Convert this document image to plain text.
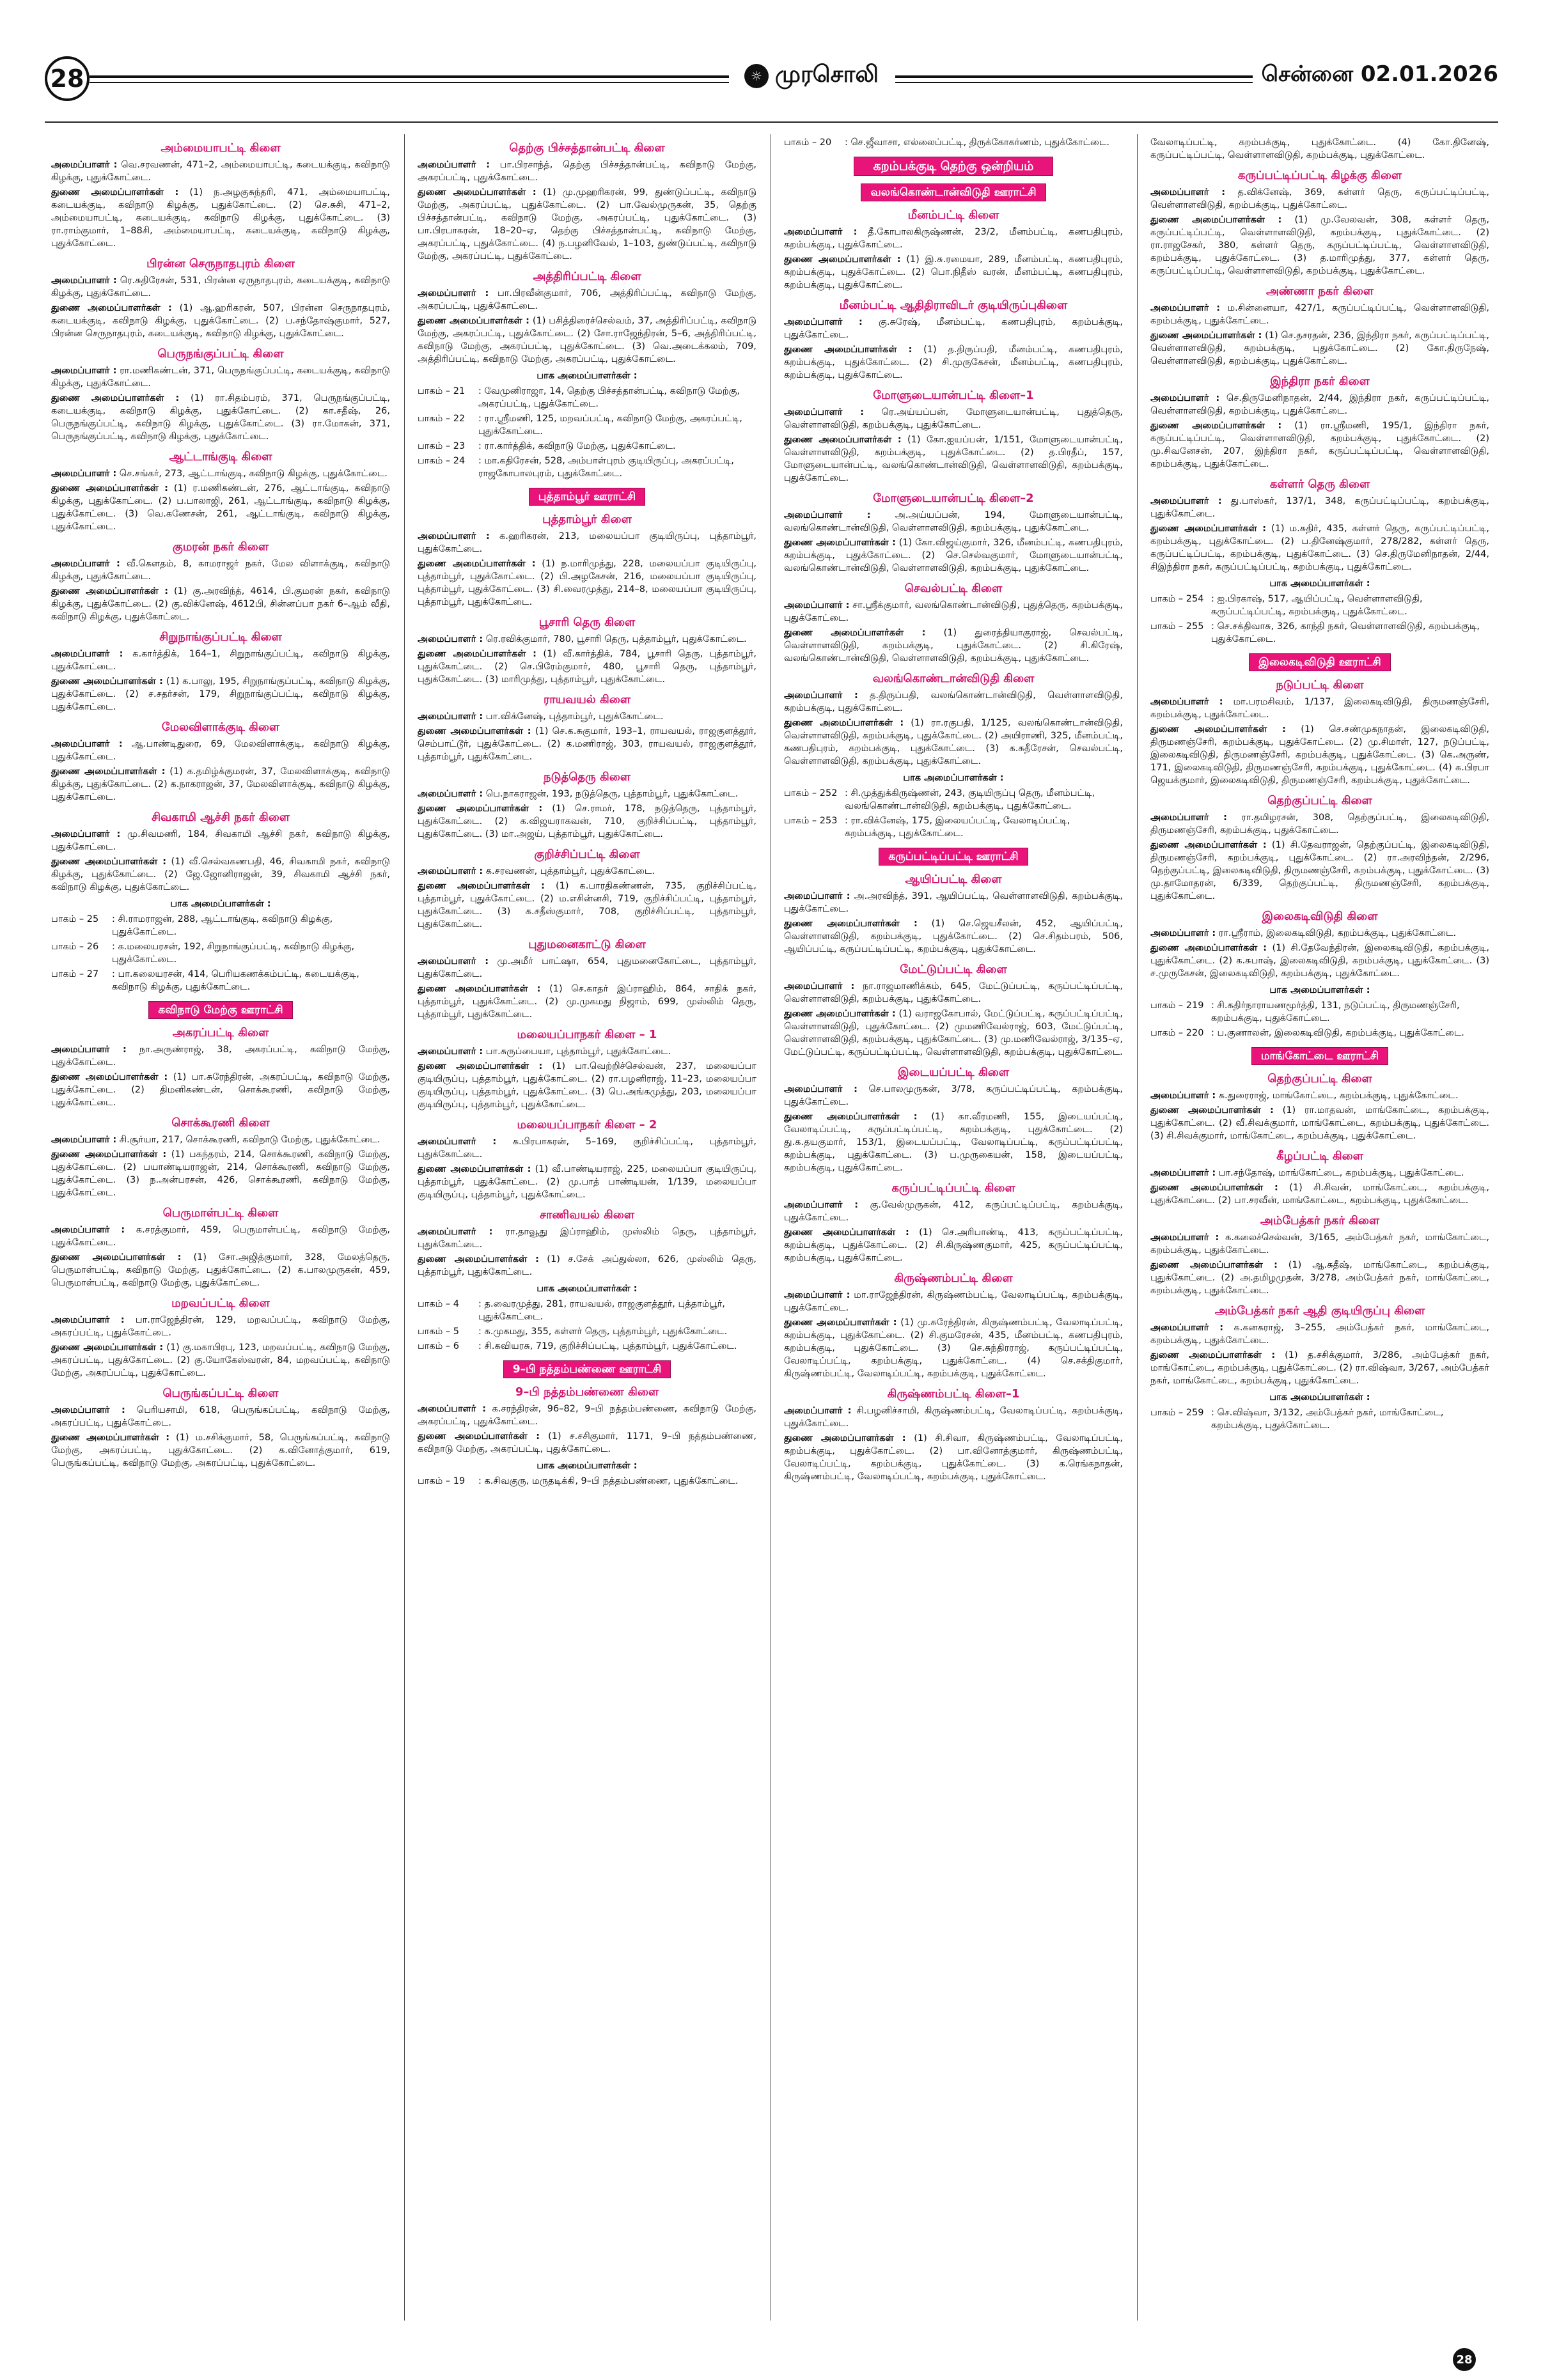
28	☼ முரசொலி	சென்னை 02.01.2026
அம்மையாபட்டி கிளை
அமைப்பாளர் : வெ.சரவணன், 471–2, அம்மையாபட்டி, கடையக்குடி, கவிநாடு கிழக்கு, புதுக்கோட்டை.
துணை அமைப்பாளர்கள் : (1) ந.அழகுசுந்தரி, 471, அம்மையாபட்டி, கடையக்குடி, கவிநாடு கிழக்கு, புதுக்கோட்டை. (2) செ.சுசி, 471–2, அம்மையாபட்டி, கடையக்குடி, கவிநாடு கிழக்கு, புதுக்கோட்டை. (3) ரா.ராம்குமார், 1–88சி, அம்மையாபட்டி, கடையக்குடி, கவிநாடு கிழக்கு, புதுக்கோட்டை.
பிரன்ன செருநாதபுரம் கிளை
அமைப்பாளர் : ரெ.சுதிரேசன், 531, பிரன்ன ஏருநாதபுரம், கடையக்குடி, கவிநாடு கிழக்கு, புதுக்கோட்டை.
துணை அமைப்பாளர்கள் : (1) ஆ.ஹரிகரன், 507, பிரன்ன செருநாதபுரம், கடையக்குடி, கவிநாடு கிழக்கு, புதுக்கோட்டை. (2) ப.சந்தோஷ்குமார், 527, பிரன்ன செருநாதபுரம், கடையக்குடி, கவிநாடு கிழக்கு, புதுக்கோட்டை.
பெருநங்குப்பட்டி கிளை
அமைப்பாளர் : ரா.மணிகண்டன், 371, பெருநங்குப்பட்டி, கடையக்குடி, கவிநாடு கிழக்கு, புதுக்கோட்டை.
துணை அமைப்பாளர்கள் : (1) ரா.சிதம்பரம், 371, பெருநங்குப்பட்டி, கடையக்குடி, கவிநாடு கிழக்கு, புதுக்கோட்டை. (2) கா.சதீஷ், 26, பெருநங்குப்பட்டி, கவிநாடு கிழக்கு, புதுக்கோட்டை. (3) ரா.மோகன், 371, பெருநங்குப்பட்டி, கவிநாடு கிழக்கு, புதுக்கோட்டை.
ஆட்டாங்குடி கிளை
அமைப்பாளர் : செ.சங்கர், 273, ஆட்டாங்குடி, கவிநாடு கிழக்கு, புதுக்கோட்டை.
துணை அமைப்பாளர்கள் : (1) ர.மணிகண்டன், 276, ஆட்டாங்குடி, கவிநாடு கிழக்கு, புதுக்கோட்டை. (2) ப.பாலாஜி, 261, ஆட்டாங்குடி, கவிநாடு கிழக்கு, புதுக்கோட்டை. (3) வெ.கணேசன், 261, ஆட்டாங்குடி, கவிநாடு கிழக்கு, புதுக்கோட்டை.
குமரன் நகர் கிளை
அமைப்பாளர் : வீ.கௌதம், 8, காமராஜர் நகர், மேல விளாக்குடி, கவிநாடு கிழக்கு, புதுக்கோட்டை.
துணை அமைப்பாளர்கள் : (1) கு.அரவிந்த், 4614, பி.குமரன் நகர், கவிநாடு கிழக்கு, புதுக்கோட்டை. (2) கு.விக்னேஷ், 4612பி, சின்னப்பா நகர் 6–ஆம் வீதி, கவிநாடு கிழக்கு, புதுக்கோட்டை.
சிறுநாங்குப்பட்டி கிளை
அமைப்பாளர் : க.கார்த்திக், 164–1, சிறுநாங்குப்பட்டி, கவிநாடு கிழக்கு, புதுக்கோட்டை.
துணை அமைப்பாளர்கள் : (1) க.பாலு, 195, சிறுநாங்குப்பட்டி, கவிநாடு கிழக்கு, புதுக்கோட்டை. (2) ச.சதர்சன், 179, சிறுநாங்குப்பட்டி, கவிநாடு கிழக்கு, புதுக்கோட்டை.
மேலவிளாக்குடி கிளை
அமைப்பாளர் : ஆ.பாண்டிதுரை, 69, மேலவிளாக்குடி, கவிநாடு கிழக்கு, புதுக்கோட்டை.
துணை அமைப்பாளர்கள் : (1) க.தமிழ்க்குமரன், 37, மேலவிளாக்குடி, கவிநாடு கிழக்கு, புதுக்கோட்டை. (2) க.நாகராஜன், 37, மேலவிளாக்குடி, கவிநாடு கிழக்கு, புதுக்கோட்டை.
சிவகாமி ஆச்சி நகர் கிளை
அமைப்பாளர் : மு.சிவமணி, 184, சிவகாமி ஆச்சி நகர், கவிநாடு கிழக்கு, புதுக்கோட்டை.
துணை அமைப்பாளர்கள் : (1) வீ.செல்வகணபதி, 46, சிவகாமி நகர், கவிநாடு கிழக்கு, புதுக்கோட்டை. (2) ஜே.ஜோனிராஜன், 39, சிவகாமி ஆச்சி நகர், கவிநாடு கிழக்கு, புதுக்கோட்டை.
பாக அமைப்பாளர்கள் :
பாகம் – 25	: சி.ராமராஜன், 288, ஆட்டாங்குடி, கவிநாடு கிழக்கு, புதுக்கோட்டை.
பாகம் – 26	: க.மலையரசன், 192, சிறுநாங்குப்பட்டி, கவிநாடு கிழக்கு, புதுக்கோட்டை.
பாகம் – 27	: பா.கலையரசன், 414, பெரியகணக்கம்பட்டி, கடையக்குடி, கவிநாடு கிழக்கு, புதுக்கோட்டை.
கவிநாடு மேற்கு ஊராட்சி
அகரப்பட்டி கிளை
அமைப்பாளர் : நா.அருண்ராஜ், 38, அகரப்பட்டி, கவிநாடு மேற்கு, புதுக்கோட்டை.
துணை அமைப்பாளர்கள் : (1) பா.சுரேந்திரன், அகரப்பட்டி, கவிநாடு மேற்கு, புதுக்கோட்டை. (2) திமனிகண்டன், சொக்கூரணி, கவிநாடு மேற்கு, புதுக்கோட்டை.
சொக்கூரணி கிளை
அமைப்பாளர் : சி.சூர்யா, 217, சொக்கூரணி, கவிநாடு மேற்கு, புதுக்கோட்டை.
துணை அமைப்பாளர்கள் : (1) பகந்தரம், 214, சொக்கூரணி, கவிநாடு மேற்கு, புதுக்கோட்டை. (2) பயாண்டியராஜன், 214, சொக்கூரணி, கவிநாடு மேற்கு, புதுக்கோட்டை. (3) ந.அன்பரசன், 426, சொக்கூரணி, கவிநாடு மேற்கு, புதுக்கோட்டை.
பெருமாள்பட்டி கிளை
அமைப்பாளர் : க.சரத்குமார், 459, பெருமாள்பட்டி, கவிநாடு மேற்கு, புதுக்கோட்டை.
துணை அமைப்பாளர்கள் : (1) சோ.அஜித்குமார், 328, மேலத்தெரு, பெருமாள்பட்டி, கவிநாடு மேற்கு, புதுக்கோட்டை. (2) க.பாலமுருகன், 459, பெருமாள்பட்டி, கவிநாடு மேற்கு, புதுக்கோட்டை.
மறவப்பட்டி கிளை
அமைப்பாளர் : பா.ராஜேந்திரன், 129, மறவப்பட்டி, கவிநாடு மேற்கு, அகரப்பட்டி, புதுக்கோட்டை.
துணை அமைப்பாளர்கள் : (1) கு.மகாபிரபு, 123, மறவப்பட்டி, கவிநாடு மேற்கு, அகரப்பட்டி, புதுக்கோட்டை. (2) கு.யோகேஸ்வரன், 84, மறவப்பட்டி, கவிநாடு மேற்கு, அகரப்பட்டி, புதுக்கோட்டை.
பெருங்கப்பட்டி கிளை
அமைப்பாளர் : பெரியசாமி, 618, பெருங்கப்பட்டி, கவிநாடு மேற்கு, அகரப்பட்டி, புதுக்கோட்டை.
துணை அமைப்பாளர்கள் : (1) ம.சசிக்குமார், 58, பெருங்கப்பட்டி, கவிநாடு மேற்கு, அகரப்பட்டி, புதுக்கோட்டை. (2) க.வினோத்குமார், 619, பெருங்கப்பட்டி, கவிநாடு மேற்கு, அகரப்பட்டி, புதுக்கோட்டை.
தெற்கு பிச்சத்தான்பட்டி கிளை
அமைப்பாளர் : பா.பிரசாந்த், தெற்கு பிச்சத்தான்பட்டி, கவிநாடு மேற்கு, அகரப்பட்டி, புதுக்கோட்டை.
துணை அமைப்பாளர்கள் : (1) மு.முஹரிகரன், 99, துண்டுப்பட்டி, கவிநாடு மேற்கு, அகரப்பட்டி, புதுக்கோட்டை. (2) பா.வேல்முருகன், 35, தெற்கு பிச்சத்தான்பட்டி, கவிநாடு மேற்கு, அகரப்பட்டி, புதுக்கோட்டை. (3) பா.பிரபாகரன், 18–20–ஏ, தெற்கு பிச்சத்தான்பட்டி, கவிநாடு மேற்கு, அகரப்பட்டி, புதுக்கோட்டை. (4) ந.பழனிவேல், 1–103, துண்டுப்பட்டி, கவிநாடு மேற்கு, அகரப்பட்டி, புதுக்கோட்டை.
அத்திரிப்பட்டி கிளை
அமைப்பாளர் : பா.பிரவீன்குமார், 706, அத்திரிப்பட்டி, கவிநாடு மேற்கு, அகரப்பட்டி, புதுக்கோட்டை.
துணை அமைப்பாளர்கள் : (1) பசித்திரைச்செல்வம், 37, அத்திரிப்பட்டி, கவிநாடு மேற்கு, அகரப்பட்டி, புதுக்கோட்டை. (2) சோ.ராஜேந்திரன், 5–6, அத்திரிப்பட்டி, கவிநாடு மேற்கு, அகரப்பட்டி, புதுக்கோட்டை. (3) வெ.அடைக்கலம், 709, அத்திரிப்பட்டி, கவிநாடு மேற்கு, அகரப்பட்டி, புதுக்கோட்டை.
பாக அமைப்பாளர்கள் :
பாகம் – 21	: வேமுனிராஜா, 14, தெற்கு பிச்சத்தான்பட்டி, கவிநாடு மேற்கு, அகரப்பட்டி, புதுக்கோட்டை.
பாகம் – 22	: ரா.ஸ்ரீமணி, 125, மறவப்பட்டி, கவிநாடு மேற்கு, அகரப்பட்டி, புதுக்கோட்டை.
பாகம் – 23	: ரா.கார்த்திக், கவிநாடு மேற்கு, புதுக்கோட்டை.
பாகம் – 24	: மா.கதிரேசன், 528, அம்பாள்புரம் குடியிருப்பு, அகரப்பட்டி, ராஜகோபாலபுரம், புதுக்கோட்டை.
புத்தாம்பூர் ஊராட்சி
புத்தாம்பூர் கிளை
அமைப்பாளர் : க.ஹரிகரன், 213, மலையப்பா குடியிருப்பு, புத்தாம்பூர், புதுக்கோட்டை.
துணை அமைப்பாளர்கள் : (1) ந.மாரிமுத்து, 228, மலையப்பா குடியிருப்பு, புத்தாம்பூர், புதுக்கோட்டை. (2) பி.அழகேசன், 216, மலையப்பா குடியிருப்பு, புத்தாம்பூர், புதுக்கோட்டை. (3) சி.வைரமுத்து, 214–8, மலையப்பா குடியிருப்பு, புத்தாம்பூர், புதுக்கோட்டை.
பூசாரி தெரு கிளை
அமைப்பாளர் : ரெ.ரவிக்குமார், 780, பூசாரி தெரு, புத்தாம்பூர், புதுக்கோட்டை.
துணை அமைப்பாளர்கள் : (1) வீ.கார்த்திக், 784, பூசாரி தெரு, புத்தாம்பூர், புதுக்கோட்டை. (2) செ.பிரேம்குமார், 480, பூசாரி தெரு, புத்தாம்பூர், புதுக்கோட்டை. (3) மாரிமுத்து, புத்தாம்பூர், புதுக்கோட்டை.
ராயவயல் கிளை
அமைப்பாளர் : பா.விக்னேஷ், புத்தாம்பூர், புதுக்கோட்டை.
துணை அமைப்பாளர்கள் : (1) செ.க.சுகுமார், 193–1, ராயவயல், ராஜகுளத்தூர், செம்பாட்டூர், புதுக்கோட்டை. (2) க.மணிராஜ், 303, ராயவயல், ராஜகுளத்தூர், புத்தாம்பூர், புதுக்கோட்டை.
நடுத்தெரு கிளை
அமைப்பாளர் : பெ.நாகராஜன், 193, நடுத்தெரு, புத்தாம்பூர், புதுக்கோட்டை.
துணை அமைப்பாளர்கள் : (1) செ.ராமர், 178, நடுத்தெரு, புத்தாம்பூர், புதுக்கோட்டை. (2) க.விஜயராகவன், 710, குறிச்சிப்பட்டி, புத்தாம்பூர், புதுக்கோட்டை. (3) மா.அஜய், புத்தாம்பூர், புதுக்கோட்டை.
குறிச்சிப்பட்டி கிளை
அமைப்பாளர் : க.சரவணன், புத்தாம்பூர், புதுக்கோட்டை.
துணை அமைப்பாளர்கள் : (1) க.பாரதிகண்ணன், 735, குறிச்சிப்பட்டி, புத்தாம்பூர், புதுக்கோட்டை. (2) ம.எசின்னசி, 719, குறிச்சிப்பட்டி, புத்தாம்பூர், புதுக்கோட்டை. (3) க.சதீஸ்குமார், 708, குறிச்சிப்பட்டி, புத்தாம்பூர், புதுக்கோட்டை.
புதுமனைகாட்டு கிளை
அமைப்பாளர் : மு.அமீர் பாட்ஷா, 654, புதுமனைகோட்டை, புத்தாம்பூர், புதுக்கோட்டை.
துணை அமைப்பாளர்கள் : (1) செ.காதர் இப்ராஹிம், 864, சாதிக் நகர், புத்தாம்பூர், புதுக்கோட்டை. (2) மு.முகமது நிஜாம், 699, முஸ்லிம் தெரு, புத்தாம்பூர், புதுக்கோட்டை.
மலையப்பாநகர் கிளை – 1
அமைப்பாளர் : பா.சுருப்பையா, புத்தாம்பூர், புதுக்கோட்டை.
துணை அமைப்பாளர்கள் : (1) பா.வெற்றிச்செல்வன், 237, மலையப்பா குடியிருப்பு, புத்தாம்பூர், புதுக்கோட்டை. (2) ரா.பழனிராஜ், 11–23, மலையப்பா குடியிருப்பு, புத்தாம்பூர், புதுக்கோட்டை. (3) பெ.அங்கமுத்து, 203, மலையப்பா குடியிருப்பு, புத்தாம்பூர், புதுக்கோட்டை.
மலையப்பாநகர் கிளை – 2
அமைப்பாளர் : க.பிரபாகரன், 5–169, குறிச்சிப்பட்டி, புத்தாம்பூர், புதுக்கோட்டை.
துணை அமைப்பாளர்கள் : (1) வீ.பாண்டியராஜ், 225, மலையப்பா குடியிருப்பு, புத்தாம்பூர், புதுக்கோட்டை. (2) மு.பாத் பாண்டியன், 1/139, மலையப்பா குடியிருப்பு, புத்தாம்பூர், புதுக்கோட்டை.
சாணிவயல் கிளை
அமைப்பாளர் : ரா.தாவூது இப்ராஹிம், முஸ்லிம் தெரு, புத்தாம்பூர், புதுக்கோட்டை.
துணை அமைப்பாளர்கள் : (1) ச.சேக் அப்துல்லா, 626, முஸ்லிம் தெரு, புத்தாம்பூர், புதுக்கோட்டை.
பாக அமைப்பாளர்கள் :
பாகம் – 4	: த.வைரமுத்து, 281, ராயவயல், ராஜகுளத்தூர், புத்தாம்பூர், புதுக்கோட்டை.
பாகம் – 5	: க.முகமது, 355, கள்ளர் தெரு, புத்தாம்பூர், புதுக்கோட்டை.
பாகம் – 6	: சி.கவியரசு, 719, குறிச்சிப்பட்டி, புத்தாம்பூர், புதுக்கோட்டை.
9–பி நத்தம்பண்ணை ஊராட்சி
9–பி நத்தம்பண்ணை கிளை
அமைப்பாளர் : க.சரந்திரன், 96–82, 9–பி நத்தம்பண்ணை, கவிநாடு மேற்கு, அகரப்பட்டி, புதுக்கோட்டை.
துணை அமைப்பாளர்கள் : (1) ச.சசிகுமார், 1171, 9–பி நத்தம்பண்ணை, கவிநாடு மேற்கு, அகரப்பட்டி, புதுக்கோட்டை.
பாக அமைப்பாளர்கள் :
பாகம் – 19	: க.சிவகுரு, மருதடிக்கி, 9–பி நத்தம்பண்ணை, புதுக்கோட்டை.
பாகம் – 20	: செ.ஜீவாசா, எல்லைப்பட்டி, திருக்கோகர்ணம், புதுக்கோட்டை.
கறம்பக்குடி தெற்கு ஒன்றியம்
வலங்கொண்டான்விடுதி ஊராட்சி
மீனம்பட்டி கிளை
அமைப்பாளர் : தீ.கோபாலகிருஷ்ணன், 23/2, மீனம்பட்டி, கணபதிபுரம், கறம்பக்குடி, புதுக்கோட்டை.
துணை அமைப்பாளர்கள் : (1) இ.சு.ரமையா, 289, மீனம்பட்டி, கணபதிபுரம், கறம்பக்குடி, புதுக்கோட்டை. (2) பொ.நிதீஸ் வரன், மீனம்பட்டி, கணபதிபுரம், கறம்பக்குடி, புதுக்கோட்டை.
மீனம்பட்டி ஆதிதிராவிடர் குடியிருப்புகிளை
அமைப்பாளர் : கு.சுரேஷ், மீனம்பட்டி, கணபதிபுரம், கறம்பக்குடி, புதுக்கோட்டை.
துணை அமைப்பாளர்கள் : (1) த.திருப்பதி, மீனம்பட்டி, கணபதிபுரம், கறம்பக்குடி, புதுக்கோட்டை. (2) சி.முருகேசன், மீனம்பட்டி, கணபதிபுரம், கறம்பக்குடி, புதுக்கோட்டை.
மோளுடையான்பட்டி கிளை–1
அமைப்பாளர் : ரெ.அய்யப்பன், மோளுடையான்பட்டி, புதுத்தெரு, வெள்ளாளவிடுதி, கறம்பக்குடி, புதுக்கோட்டை.
துணை அமைப்பாளர்கள் : (1) கோ.ஐயப்பன், 1/151, மோளுடையான்பட்டி, வெள்ளாளவிடுதி, கறம்பக்குடி, புதுக்கோட்டை. (2) த.பிரதீப், 157, மோளுடையான்பட்டி, வலங்கொண்டான்விடுதி, வெள்ளாளவிடுதி, கறம்பக்குடி, புதுக்கோட்டை.
மோளுடையான்பட்டி கிளை–2
அமைப்பாளர் : அ.அய்யப்பன், 194, மோளுடையான்பட்டி, வலங்கொண்டான்விடுதி, வெள்ளாளவிடுதி, கறம்பக்குடி, புதுக்கோட்டை.
துணை அமைப்பாளர்கள் : (1) கோ.விஜய்குமார், 326, மீனம்பட்டி, கணபதிபுரம், கறம்பக்குடி, புதுக்கோட்டை. (2) செ.செல்வகுமார், மோளுடையான்பட்டி, வலங்கொண்டான்விடுதி, வெள்ளாளவிடுதி, கறம்பக்குடி, புதுக்கோட்டை.
செவல்பட்டி கிளை
அமைப்பாளர் : சா.ஸ்ரீக்குமார், வலங்கொண்டான்விடுதி, புதுத்தெரு, கறம்பக்குடி, புதுக்கோட்டை.
துணை அமைப்பாளர்கள் : (1) துரைத்தியாகுராஜ், செவல்பட்டி, வெள்ளாளவிடுதி, கறம்பக்குடி, புதுக்கோட்டை. (2) சி.கிரேஷ், வலங்கொண்டான்விடுதி, வெள்ளாளவிடுதி, கறம்பக்குடி, புதுக்கோட்டை.
வலங்கொண்டான்விடுதி கிளை
அமைப்பாளர் : த.திருப்பதி, வலங்கொண்டான்விடுதி, வெள்ளாளவிடுதி, கறம்பக்குடி, புதுக்கோட்டை.
துணை அமைப்பாளர்கள் : (1) ரா.ரகுபதி, 1/125, வலங்கொண்டான்விடுதி, வெள்ளாளவிடுதி, கறம்பக்குடி, புதுக்கோட்டை. (2) அயிராணி, 325, மீனம்பட்டி, கணபதிபுரம், கறம்பக்குடி, புதுக்கோட்டை. (3) க.சுதீரேசன், செவல்பட்டி, வெள்ளாளவிடுதி, கறம்பக்குடி, புதுக்கோட்டை.
பாக அமைப்பாளர்கள் :
பாகம் – 252 : சி.முத்துக்கிருஷ்ணன், 243, குடியிருப்பு தெரு, மீனம்பட்டி, வலங்கொண்டான்விடுதி, கறம்பக்குடி, புதுக்கோட்டை.
பாகம் – 253 : ரா.விக்னேஷ், 175, இலையப்பட்டி, வேலாடிப்பட்டி, கறம்பக்குடி, புதுக்கோட்டை.
கருப்பட்டிப்பட்டி ஊராட்சி
ஆயிப்பட்டி கிளை
அமைப்பாளர் : அ.அரவிந்த், 391, ஆயிப்பட்டி, வெள்ளாளவிடுதி, கறம்பக்குடி, புதுக்கோட்டை.
துணை அமைப்பாளர்கள் : (1) செ.ஜெயசீலன், 452, ஆயிப்பட்டி, வெள்ளாளவிடுதி, கறம்பக்குடி, புதுக்கோட்டை. (2) செ.சிதம்பரம், 506, ஆயிப்பட்டி, கருப்பட்டிப்பட்டி, கறம்பக்குடி, புதுக்கோட்டை.
மேட்டுப்பட்டி கிளை
அமைப்பாளர் : நா.ராஜமாணிக்கம், 645, மேட்டுப்பட்டி, கருப்பட்டிப்பட்டி, வெள்ளாளவிடுதி, கறம்பக்குடி, புதுக்கோட்டை.
துணை அமைப்பாளர்கள் : (1) வராஜகோபால், மேட்டுப்பட்டி, கருப்பட்டிப்பட்டி, வெள்ளாளவிடுதி, புதுக்கோட்டை. (2) முமணிவேல்ராஜ், 603, மேட்டுப்பட்டி, வெள்ளாளவிடுதி, கறம்பக்குடி, புதுக்கோட்டை. (3) மு.மணிவேல்ராஜ், 3/135–ஏ, மேட்டுப்பட்டி, கருப்பட்டிப்பட்டி, வெள்ளாளவிடுதி, கறம்பக்குடி, புதுக்கோட்டை.
இடையப்பட்டி கிளை
அமைப்பாளர் : செ.பாலமுருகன், 3/78, கருப்பட்டிப்பட்டி, கறம்பக்குடி, புதுக்கோட்டை.
துணை அமைப்பாளர்கள் : (1) கா.வீரமணி, 155, இடையப்பட்டி, வேலாடிப்பட்டி, கருப்பட்டிப்பட்டி, கறம்பக்குடி, புதுக்கோட்டை. (2) து.க.தயகுமார், 153/1, இடையப்பட்டி, வேலாடிப்பட்டி, கருப்பட்டிப்பட்டி, கறம்பக்குடி, புதுக்கோட்டை. (3) ப.முருகையன், 158, இடையப்பட்டி, கறம்பக்குடி, புதுக்கோட்டை.
கருப்பட்டிப்பட்டி கிளை
அமைப்பாளர் : கு.வேல்முருகன், 412, கருப்பட்டிப்பட்டி, கறம்பக்குடி, புதுக்கோட்டை.
துணை அமைப்பாளர்கள் : (1) செ.அரிபாண்டி, 413, கருப்பட்டிப்பட்டி, கறம்பக்குடி, புதுக்கோட்டை. (2) சி.கிருஷ்ணகுமார், 425, கருப்பட்டிப்பட்டி, கறம்பக்குடி, புதுக்கோட்டை.
கிருஷ்ணம்பட்டி கிளை
அமைப்பாளர் : மா.ராஜேந்திரன், கிருஷ்ணம்பட்டி, வேலாடிப்பட்டி, கறம்பக்குடி, புதுக்கோட்டை.
துணை அமைப்பாளர்கள் : (1) மு.சுரேந்திரன், கிருஷ்ணம்பட்டி, வேலாடிப்பட்டி, கறம்பக்குடி, புதுக்கோட்டை. (2) சி.குமரேசன், 435, மீனம்பட்டி, கணபதிபுரம், கறம்பக்குடி, புதுக்கோட்டை. (3) செ.சுந்திரராஜ், கருப்பட்டிப்பட்டி, வேலாடிப்பட்டி, கறம்பக்குடி, புதுக்கோட்டை. (4) செ.சக்திகுமார், கிருஷ்ணம்பட்டி, வேலாடிப்பட்டி, கறம்பக்குடி, புதுக்கோட்டை.
கிருஷ்ணம்பட்டி கிளை–1
அமைப்பாளர் : சி.பழனிச்சாமி, கிருஷ்ணம்பட்டி, வேலாடிப்பட்டி, கறம்பக்குடி, புதுக்கோட்டை.
துணை அமைப்பாளர்கள் : (1) சி.சிவா, கிருஷ்ணம்பட்டி, வேலாடிப்பட்டி, கறம்பக்குடி, புதுக்கோட்டை. (2) பா.வினோத்குமார், கிருஷ்ணம்பட்டி, வேலாடிப்பட்டி, கறம்பக்குடி, புதுக்கோட்டை. (3) க.ரெங்கநாதன், கிருஷ்ணம்பட்டி, வேலாடிப்பட்டி, கறம்பக்குடி, புதுக்கோட்டை.
வேலாடிப்பட்டி, கறம்பக்குடி, புதுக்கோட்டை. (4) கோ.தினேஷ், கருப்பட்டிப்பட்டி, வெள்ளாளவிடுதி, கறம்பக்குடி, புதுக்கோட்டை.
கருப்பட்டிப்பட்டி கிழக்கு கிளை
அமைப்பாளர் : த.விக்னேஷ், 369, கள்ளர் தெரு, கருப்பட்டிப்பட்டி, வெள்ளாளவிடுதி, கறம்பக்குடி, புதுக்கோட்டை.
துணை அமைப்பாளர்கள் : (1) மு.வேலவன், 308, கள்ளர் தெரு, கருப்பட்டிப்பட்டி, வெள்ளாளவிடுதி, கறம்பக்குடி, புதுக்கோட்டை. (2) ரா.ராஜசேகர், 380, கள்ளர் தெரு, கருப்பட்டிப்பட்டி, வெள்ளாளவிடுதி, கறம்பக்குடி, புதுக்கோட்டை. (3) த.மாரிமுத்து, 377, கள்ளர் தெரு, கருப்பட்டிப்பட்டி, வெள்ளாளவிடுதி, கறம்பக்குடி, புதுக்கோட்டை.
அண்ணா நகர் கிளை
அமைப்பாளர் : ம.சின்னையா, 427/1, கருப்பட்டிப்பட்டி, வெள்ளாளவிடுதி, கறம்பக்குடி, புதுக்கோட்டை.
துணை அமைப்பாளர்கள் : (1) செ.தசரதன், 236, இந்திரா நகர், கருப்பட்டிப்பட்டி, வெள்ளாளவிடுதி, கறம்பக்குடி, புதுக்கோட்டை. (2) கோ.திருநேஷ், வெள்ளாளவிடுதி, கறம்பக்குடி, புதுக்கோட்டை.
இந்திரா நகர் கிளை
அமைப்பாளர் : செ.திருமேனிநாதன், 2/44, இந்திரா நகர், கருப்பட்டிப்பட்டி, வெள்ளாளவிடுதி, கறம்பக்குடி, புதுக்கோட்டை.
துணை அமைப்பாளர்கள் : (1) ரா.ஸ்ரீமணி, 195/1, இந்திரா நகர், கருப்பட்டிப்பட்டி, வெள்ளாளவிடுதி, கறம்பக்குடி, புதுக்கோட்டை. (2) மு.சிவனேசன், 207, இந்திரா நகர், கருப்பட்டிப்பட்டி, வெள்ளாளவிடுதி, கறம்பக்குடி, புதுக்கோட்டை.
கள்ளர் தெரு கிளை
அமைப்பாளர் : து.பாஸ்கர், 137/1, 348, கருப்பட்டிப்பட்டி, கறம்பக்குடி, புதுக்கோட்டை.
துணை அமைப்பாளர்கள் : (1) ம.சுதிர், 435, கள்ளர் தெரு, கருப்பட்டிப்பட்டி, கறம்பக்குடி, புதுக்கோட்டை. (2) ப.தினேஷ்குமார், 278/282, கள்ளர் தெரு, கருப்பட்டிப்பட்டி, கறம்பக்குடி, புதுக்கோட்டை. (3) செ.திருமேனிநாதன், 2/44, சிஇந்திரா நகர், கருப்பட்டிப்பட்டி, கறம்பக்குடி, புதுக்கோட்டை.
பாக அமைப்பாளர்கள் :
பாகம் – 254 : ஐ.பிரகாஷ், 517, ஆயிப்பட்டி, வெள்ளாளவிடுதி, கருப்பட்டிப்பட்டி, கறம்பக்குடி, புதுக்கோட்டை.
பாகம் – 255 : செ.சக்திவாசு, 326, காந்தி நகர், வெள்ளாளவிடுதி, கறம்பக்குடி, புதுக்கோட்டை.
இலைகடிவிடுதி ஊராட்சி
நடுப்பட்டி கிளை
அமைப்பாளர் : மா.பரமசிவம், 1/137, இலைகடிவிடுதி, திருமணஞ்சேரி, கறம்பக்குடி, புதுக்கோட்டை.
துணை அமைப்பாளர்கள் : (1) செ.சண்முகநாதன், இலைகடிவிடுதி, திருமணஞ்சேரி, கறம்பக்குடி, புதுக்கோட்டை. (2) மு.சிமாள், 127, நடுப்பட்டி, இலைகடிவிடுதி, திருமணஞ்சேரி, கறம்பக்குடி, புதுக்கோட்டை. (3) கெ.அருண், 171, இலைகடிவிடுதி, திருமணஞ்சேரி, கறம்பக்குடி, புதுக்கோட்டை. (4) க.பிரபா ஜெயக்குமார், இலைகடிவிடுதி, திருமணஞ்சேரி, கறம்பக்குடி, புதுக்கோட்டை.
தெற்குப்பட்டி கிளை
அமைப்பாளர் : ரா.தமிழரசன், 308, தெற்குப்பட்டி, இலைகடிவிடுதி, திருமணஞ்சேரி, கறம்பக்குடி, புதுக்கோட்டை.
துணை அமைப்பாளர்கள் : (1) சி.தேவராஜன், தெற்குப்பட்டி, இலைகடிவிடுதி, திருமணஞ்சேரி, கறம்பக்குடி, புதுக்கோட்டை. (2) ரா.அரவிந்தன், 2/296, தெற்குப்பட்டி, இலைகடிவிடுதி, திருமணஞ்சேரி, கறம்பக்குடி, புதுக்கோட்டை. (3) மு.தாமோதரன், 6/339, தெற்குப்பட்டி, திருமணஞ்சேரி, கறம்பக்குடி, புதுக்கோட்டை.
இலைகடிவிடுதி கிளை
அமைப்பாளர் : ரா.ஸ்ரீராம், இலைகடிவிடுதி, கறம்பக்குடி, புதுக்கோட்டை.
துணை அமைப்பாளர்கள் : (1) சி.தேவேந்திரன், இலைகடிவிடுதி, கறம்பக்குடி, புதுக்கோட்டை. (2) க.சுபாஷ், இலைகடிவிடுதி, கறம்பக்குடி, புதுக்கோட்டை. (3) ச.முருகேசன், இலைகடிவிடுதி, கறம்பக்குடி, புதுக்கோட்டை.
பாக அமைப்பாளர்கள் :
பாகம் – 219 : சி.கதிர்நாராயணமூர்த்தி, 131, நடுப்பட்டி, திருமணஞ்சேரி, கறம்பக்குடி, புதுக்கோட்டை.
பாகம் – 220 : ப.குணாலன், இலைகடிவிடுதி, கறம்பக்குடி, புதுக்கோட்டை.
மாங்கோட்டை ஊராட்சி
தெற்குப்பட்டி கிளை
அமைப்பாளர் : க.துரைராஜ், மாங்கோட்டை, கறம்பக்குடி, புதுக்கோட்டை.
துணை அமைப்பாளர்கள் : (1) ரா.மாதவன், மாங்கோட்டை, கறம்பக்குடி, புதுக்கோட்டை. (2) வீ.சிவக்குமார், மாங்கோட்டை, கறம்பக்குடி, புதுக்கோட்டை. (3) சி.சிவக்குமார், மாங்கோட்டை, கறம்பக்குடி, புதுக்கோட்டை.
கீழப்பட்டி கிளை
அமைப்பாளர் : பா.சந்தோஷ், மாங்கோட்டை, கறம்பக்குடி, புதுக்கோட்டை.
துணை அமைப்பாளர்கள் : (1) சி.சிவன், மாங்கோட்டை, கறம்பக்குடி, புதுக்கோட்டை. (2) பா.சரவீன், மாங்கோட்டை, கறம்பக்குடி, புதுக்கோட்டை.
அம்பேத்கர் நகர் கிளை
அமைப்பாளர் : க.கலைச்செல்வன், 3/165, அம்பேத்கர் நகர், மாங்கோட்டை, கறம்பக்குடி, புதுக்கோட்டை.
துணை அமைப்பாளர்கள் : (1) ஆ.சுதீஷ், மாங்கோட்டை, கறம்பக்குடி, புதுக்கோட்டை. (2) அ.தமிழமுதன், 3/278, அம்பேத்கர் நகர், மாங்கோட்டை, கறம்பக்குடி, புதுக்கோட்டை.
அம்பேத்கர் நகர் ஆதி குடியிருப்பு கிளை
அமைப்பாளர் : க.கனகராஜ், 3–255, அம்பேத்கர் நகர், மாங்கோட்டை, கறம்பக்குடி, புதுக்கோட்டை.
துணை அமைப்பாளர்கள் : (1) த.சசிக்குமார், 3/286, அம்பேத்கர் நகர், மாங்கோட்டை, கறம்பக்குடி, புதுக்கோட்டை. (2) ரா.விஷ்வா, 3/267, அம்பேத்கர் நகர், மாங்கோட்டை, கறம்பக்குடி, புதுக்கோட்டை.
பாக அமைப்பாளர்கள் :
பாகம் – 259 : செ.விஷ்வா, 3/132, அம்பேத்கர் நகர், மாங்கோட்டை, கறம்பக்குடி, புதுக்கோட்டை.
28
